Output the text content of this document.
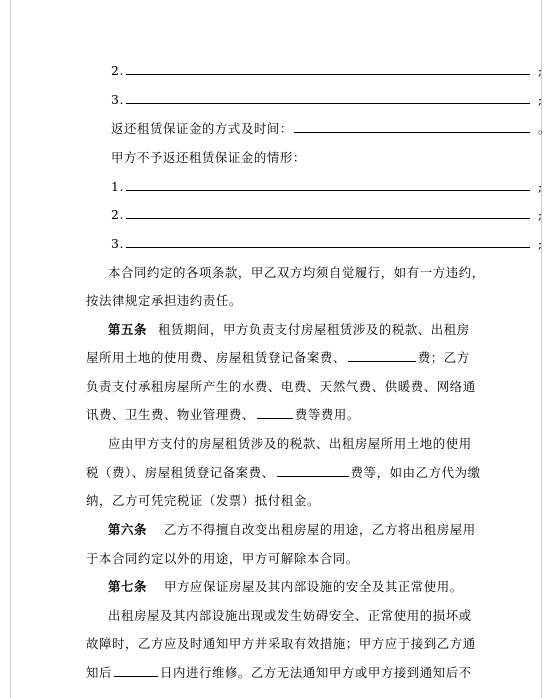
2.	;
3.	;
返还租赁保证金的方式及时间：	。
甲方不予返还租赁保证金的情形：
1.	;
2.	;
3.	;
本合同约定的各项条款，甲乙双方均须自觉履行，如有一方违约，
按法律规定承担违约责任。
第五条 租赁期间，甲方负责支付房屋租赁涉及的税款、出租房
屋所用土地的使用费、房屋租赁登记备案费、	费；乙方
负责支付承租房屋所产生的水费、电费、天然气费、供暖费、网络通
讯费、卫生费、物业管理费、	费等费用。
应由甲方支付的房屋租赁涉及的税款、出租房屋所用土地的使用
税（费）、房屋租赁登记备案费、	费等，如由乙方代为缴
纳，乙方可凭完税证（发票）抵付租金。
第六条 乙方不得擅自改变出租房屋的用途，乙方将出租房屋用
于本合同约定以外的用途，甲方可解除本合同。
第七条 甲方应保证房屋及其内部设施的安全及其正常使用。
出租房屋及其内部设施出现或发生妨碍安全、正常使用的损坏或
故障时，乙方应及时通知甲方并采取有效措施；甲方应于接到乙方通
知后	日内进行维修。乙方无法通知甲方或甲方接到通知后不
